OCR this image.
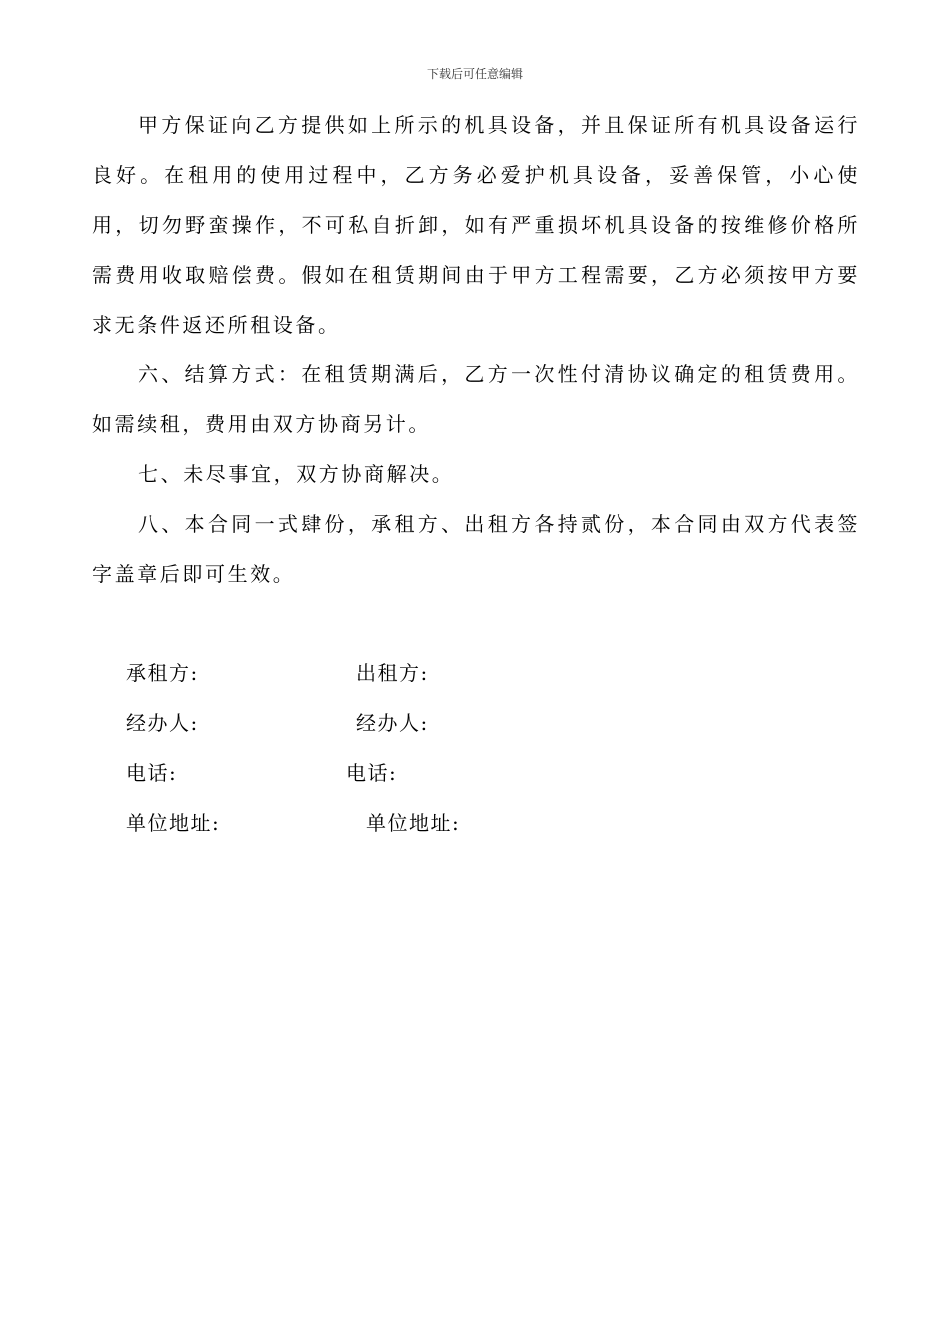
下载后可任意编辑

甲方保证向乙方提供如上所示的机具设备，并且保证所有机具设备运行良好。在租用的使用过程中，乙方务必爱护机具设备，妥善保管，小心使用，切勿野蛮操作，不可私自折卸，如有严重损坏机具设备的按维修价格所需费用收取赔偿费。假如在租赁期间由于甲方工程需要，乙方必须按甲方要求无条件返还所租设备。

六、结算方式：在租赁期满后，乙方一次性付清协议确定的租赁费用。如需续租，费用由双方协商另计。

七、未尽事宜，双方协商解决。

八、本合同一式肆份，承租方、出租方各持贰份，本合同由双方代表签字盖章后即可生效。

承租方:	出租方:
经办人:	经办人:
电话:	电话:
单位地址:	单位地址:
